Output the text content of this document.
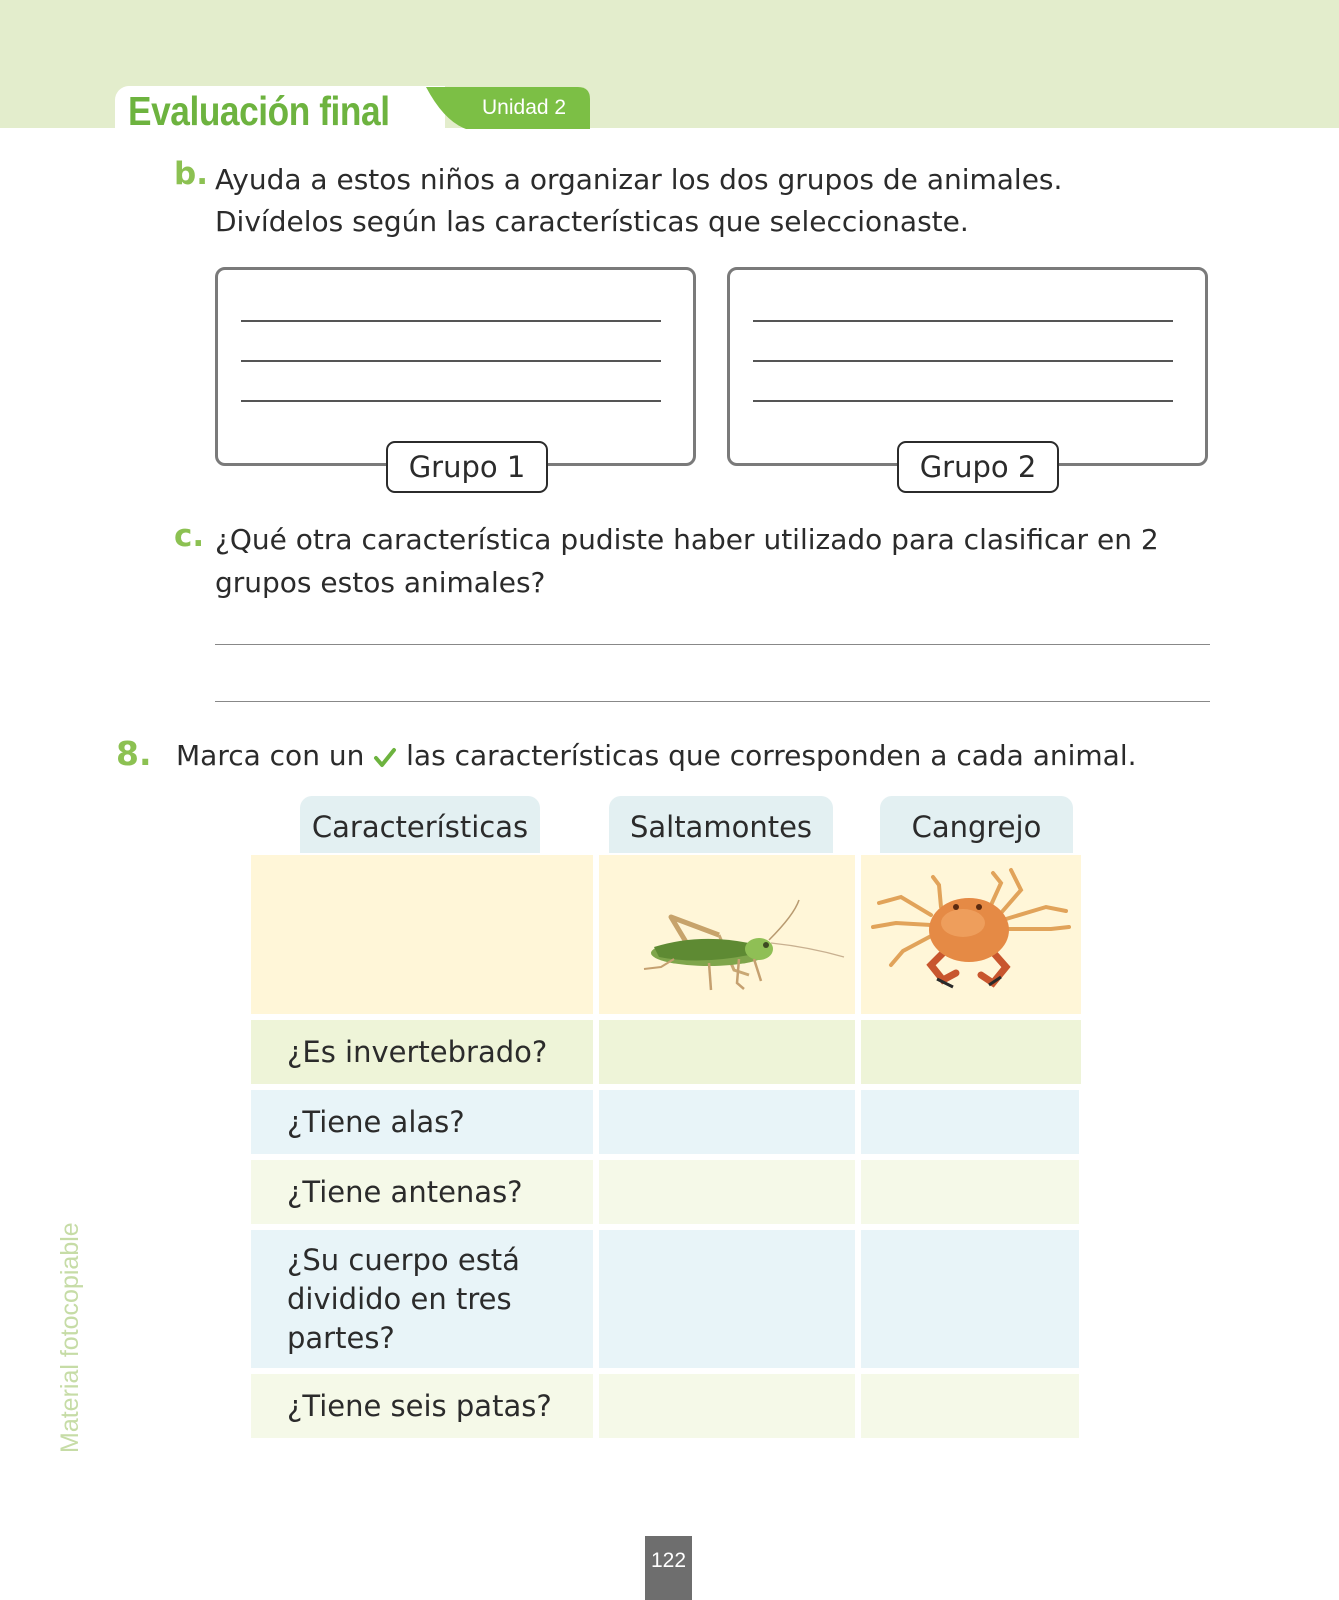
Evaluación final	Unidad 2
b. Ayuda a estos niños a organizar los dos grupos de animales.
Divídelos según las características que seleccionaste.
Grupo 1	Grupo 2
c. ¿Qué otra característica pudiste haber utilizado para clasificar en 2
grupos estos animales?
8. Marca con un las características que corresponden a cada animal.
Características	Saltamontes	Cangrejo
¿Es invertebrado?
¿Tiene alas?
¿Tiene antenas?
¿Su cuerpo está
dividido en tres
partes?
¿Tiene seis patas?
Material fotocopiable
122
